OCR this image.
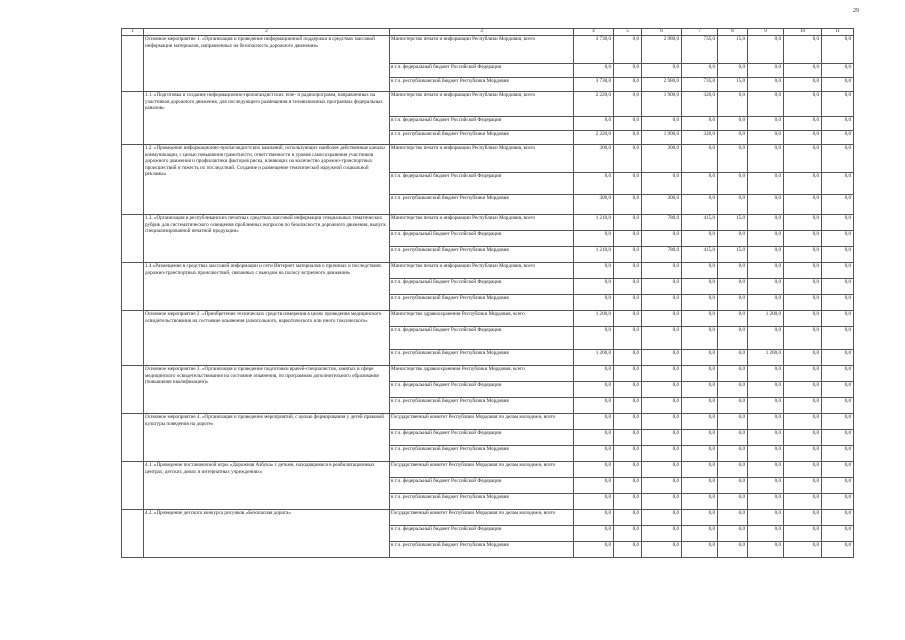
29
1	2	3	4	5	6	7	8	9	10	11
	Основное мероприятие 1. «Организация и проведение информационной поддержки в средствах массовой информации материалов, направленных на безопасность дорожного движения»	Министерство печати и информации Республики Мордовия, всего	3 730,0	0,0	2 980,0	735,0	15,0	0,0	0,0	0,0
		в т.ч. федеральный бюджет Российской Федерации	0,0	0,0	0,0	0,0	0,0	0,0	0,0	0,0
		в т.ч. республиканский бюджет Республики Мордовия	3 730,0	0,0	2 980,0	735,0	15,0	0,0	0,0	0,0
	1.1. «Подготовка и создание информационно-пропагандистских теле- и радиопрограмм, направленных на участников дорожного движения, для последующего размещения в телевизионных программах федеральных каналов»	Министерство печати и информации Республики Мордовия, всего	2 220,0	0,0	1 900,0	320,0	0,0	0,0	0,0	0,0
		в т.ч. федеральный бюджет Российской Федерации	0,0	0,0	0,0	0,0	0,0	0,0	0,0	0,0
		в т.ч. республиканский бюджет Республики Мордовия	2 220,0	0,0	1 900,0	320,0	0,0	0,0	0,0	0,0
	1.2. «Проведение информационно-пропагандистских кампаний, использующих наиболее действенные каналы коммуникации, с целью повышения грамотности, ответственности и уровня самосохранения участников дорожного движения и профилактики факторов риска, влияющих на количество дорожно-транспортных происшествий и тяжесть их последствий. Создание и размещение тематической наружной социальной рекламы»	Министерство печати и информации Республики Мордовия, всего	300,0	0,0	300,0	0,0	0,0	0,0	0,0	0,0
		в т.ч. федеральный бюджет Российской Федерации	0,0	0,0	0,0	0,0	0,0	0,0	0,0	0,0
		в т.ч. республиканский бюджет Республики Мордовия	300,0	0,0	300,0	0,0	0,0	0,0	0,0	0,0
	1.3. «Организация в республиканских печатных средствах массовой информации специальных тематических рубрик для систематического освещения проблемных вопросов по безопасности дорожного движения, выпуск специализированной печатной продукции»	Министерство печати и информации Республики Мордовия, всего	1 210,0	0,0	780,0	415,0	15,0	0,0	0,0	0,0
		в т.ч. федеральный бюджет Российской Федерации	0,0	0,0	0,0	0,0	0,0	0,0	0,0	0,0
		в т.ч. республиканский бюджет Республики Мордовия	1 210,0	0,0	780,0	415,0	15,0	0,0	0,0	0,0
	1.4 «Размещение в средствах массовой информации и сети Интернет материалов о причинах и последствиях дорожно-транспортных происшествий, связанных с выездом на полосу встречного движения»	Министерство печати и информации Республики Мордовия, всего	0,0	0,0	0,0	0,0	0,0	0,0	0,0	0,0
		в т.ч. федеральный бюджет Российской Федерации	0,0	0,0	0,0	0,0	0,0	0,0	0,0	0,0
		в т.ч. республиканский бюджет Республики Мордовия	0,0	0,0	0,0	0,0	0,0	0,0	0,0	0,0
	Основное мероприятие 2. «Приобретение технических средств измерения в целях проведения медицинского освидетельствования на состояние опьянения (алкогольного, наркотического или иного токсического»	Министерство здравоохранения Республики Мордовия, всего	1 200,0	0,0	0,0	0,0	0,0	1 200,0	0,0	0,0
		в т.ч. федеральный бюджет Российской Федерации	0,0	0,0	0,0	0,0	0,0	0,0	0,0	0,0
		в т.ч. республиканский бюджет Республики Мордовия	1 200,0	0,0	0,0	0,0	0,0	1 200,0	0,0	0,0
	Основное мероприятие 3. «Организация и проведение подготовки врачей-специалистов, занятых в сфере медицинского освидетельствования на состояние опьянения, по программам дополнительного образования (повышение квалификации)»	Министерство здравоохранения Республики Мордовия, всего	0,0	0,0	0,0	0,0	0,0	0,0	0,0	0,0
		в т.ч. федеральный бюджет Российской Федерации	0,0	0,0	0,0	0,0	0,0	0,0	0,0	0,0
		в т.ч. республиканский бюджет Республики Мордовия	0,0	0,0	0,0	0,0	0,0	0,0	0,0	0,0
	Основное мероприятие 4. «Организация и проведение мероприятий, с целью формирования у детей правовой культуры поведения на дороге»	Государственный комитет Республики Мордовия по делам молодежи, всего	0,0	0,0	0,0	0,0	0,0	0,0	0,0	0,0
		в т.ч. федеральный бюджет Российской Федерации	0,0	0,0	0,0	0,0	0,0	0,0	0,0	0,0
		в т.ч. республиканский бюджет Республики Мордовия	0,0	0,0	0,0	0,0	0,0	0,0	0,0	0,0
	4.1. «Проведение постановочной игры «Дорожная Азбука» с детьми, находящимися в реабилитационных центрах, детских домах и интернатных учреждениях»	Государственный комитет Республики Мордовия по делам молодежи, всего	0,0	0,0	0,0	0,0	0,0	0,0	0,0	0,0
		в т.ч. федеральный бюджет Российской Федерации	0,0	0,0	0,0	0,0	0,0	0,0	0,0	0,0
		в т.ч. республиканский бюджет Республики Мордовия	0,0	0,0	0,0	0,0	0,0	0,0	0,0	0,0
	4.2. «Проведение детского конкурса рисунков «Безопасная дорога»	Государственный комитет Республики Мордовия по делам молодежи, всего	0,0	0,0	0,0	0,0	0,0	0,0	0,0	0,0
		в т.ч. федеральный бюджет Российской Федерации	0,0	0,0	0,0	0,0	0,0	0,0	0,0	0,0
		в т.ч. республиканский бюджет Республики Мордовия	0,0	0,0	0,0	0,0	0,0	0,0	0,0	0,0
